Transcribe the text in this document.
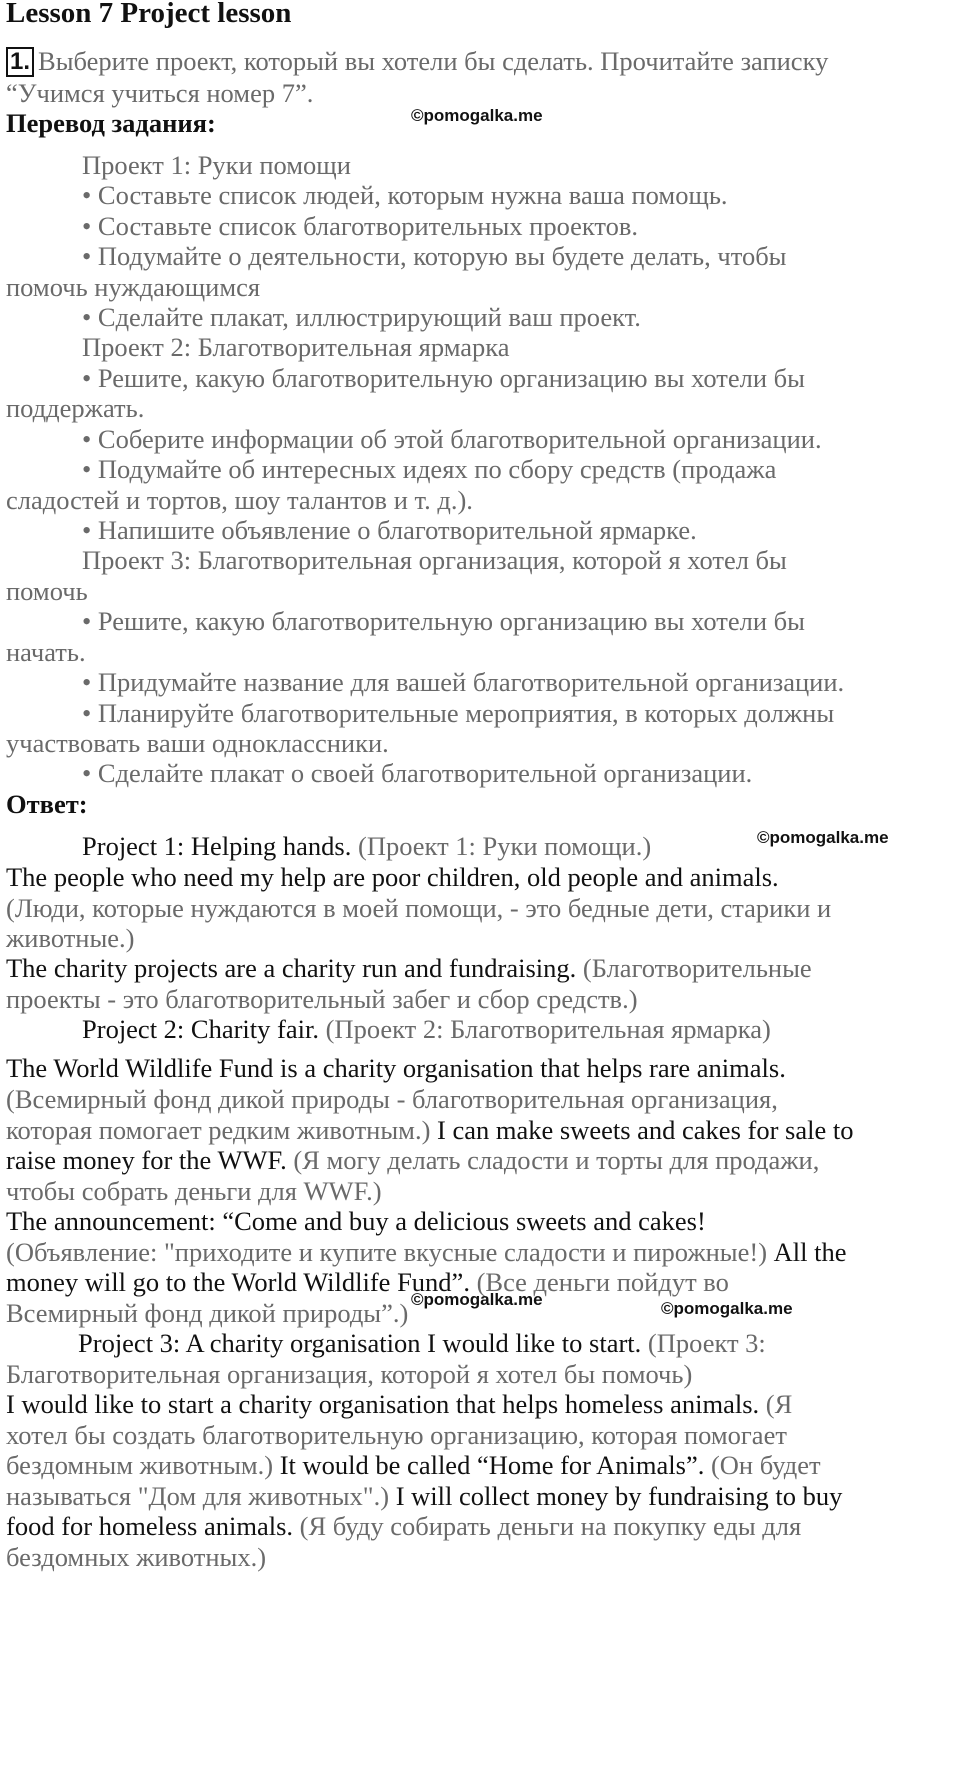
Lesson 7 Project lesson
1. Выберите проект, который вы хотели бы сделать. Прочитайте записку
“Учимся учиться номер 7”.
Перевод задания:	©pomogalka.me
Проект 1: Руки помощи
• Составьте список людей, которым нужна ваша помощь.
• Составьте список благотворительных проектов.
• Подумайте о деятельности, которую вы будете делать, чтобы
помочь нуждающимся
• Сделайте плакат, иллюстрирующий ваш проект.
Проект 2: Благотворительная ярмарка
• Решите, какую благотворительную организацию вы хотели бы
поддержать.
• Соберите информации об этой благотворительной организации.
• Подумайте об интересных идеях по сбору средств (продажа
сладостей и тортов, шоу талантов и т. д.).
• Напишите объявление о благотворительной ярмарке.
Проект 3: Благотворительная организация, которой я хотел бы
помочь
• Решите, какую благотворительную организацию вы хотели бы
начать.
• Придумайте название для вашей благотворительной организации.
• Планируйте благотворительные мероприятия, в которых должны
участвовать ваши одноклассники.
©pomogalka.me
• Сделайте плакат о своей благотворительной организации.
Ответ:
Project 1: Helping hands. (Проект 1: Руки помощи.)
The people who need my help are poor children, old people and animals.
(Люди, которые нуждаются в моей помощи, - это бедные дети, старики и
животные.)
The charity projects are a charity run and fundraising. (Благотворительные
проекты - это благотворительный забег и сбор средств.)
Project 2: Charity fair. (Проект 2: Благотворительная ярмарка)
The World Wildlife Fund is a charity organisation that helps rare animals.
(Всемирный фонд дикой природы - благотворительная организация,
которая помогает редким животным.) I can make sweets and cakes for sale to
raise money for the WWF. (Я могу делать сладости и торты для продажи,
чтобы собрать деньги для WWF.)
The announcement: “Come and buy a delicious sweets and cakes!
(Объявление: "приходите и купите вкусные сладости и пирожные!) All the
money will go to the World Wildlife Fund”. (Все деньги пойдут во
Всемирный фонд дикой природы”.) ©pomogalka.me	©pomogalka.me
Project 3: A charity organisation I would like to start. (Проект 3:
Благотворительная организация, которой я хотел бы помочь)
I would like to start a charity organisation that helps homeless animals. (Я
хотел бы создать благотворительную организацию, которая помогает
бездомным животным.) It would be called “Home for Animals”. (Он будет
называться "Дом для животных".) I will collect money by fundraising to buy
food for homeless animals. (Я буду собирать деньги на покупку еды для
бездомных животных.)
